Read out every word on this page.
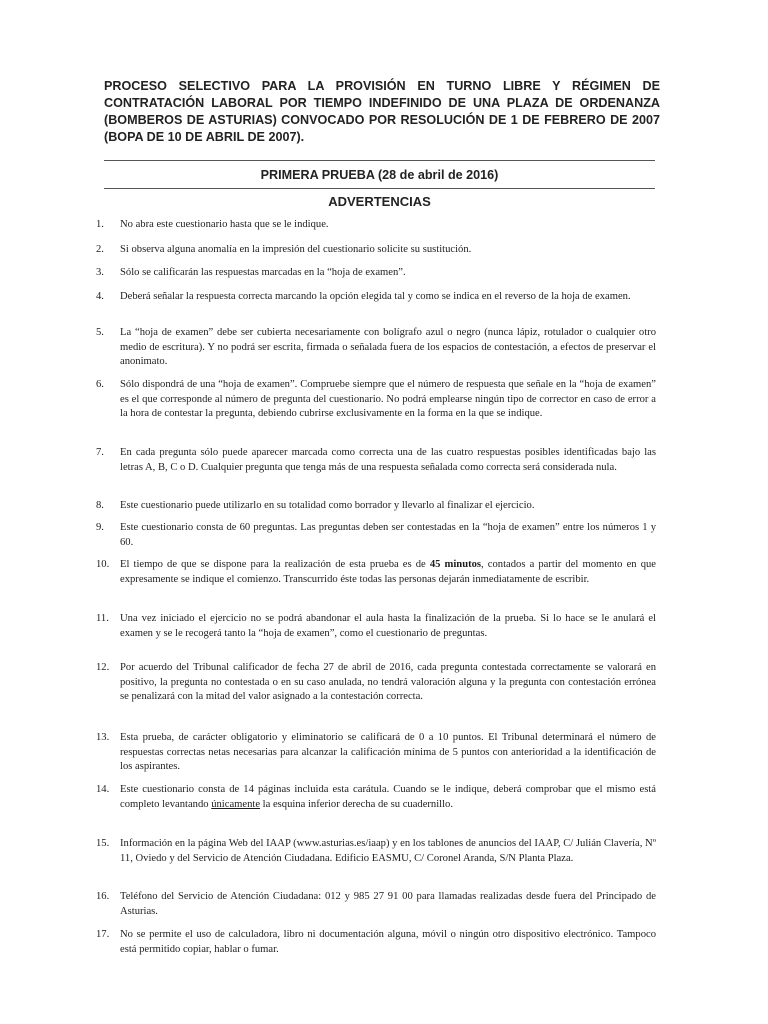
PROCESO SELECTIVO PARA LA PROVISIÓN EN TURNO LIBRE Y RÉGIMEN DE CONTRATACIÓN LABORAL POR TIEMPO INDEFINIDO DE UNA PLAZA DE ORDENANZA (BOMBEROS DE ASTURIAS) CONVOCADO POR RESOLUCIÓN DE 1 DE FEBRERO DE 2007 (BOPA DE 10 DE ABRIL DE 2007).
PRIMERA PRUEBA (28 de abril de 2016)
ADVERTENCIAS
1.	No abra este cuestionario hasta que se le indique.
2.	Si observa alguna anomalía en la impresión del cuestionario solicite su sustitución.
3.	Sólo se calificarán las respuestas marcadas en la “hoja de examen”.
4.	Deberá señalar la respuesta correcta marcando la opción elegida tal y como se indica en el reverso de la hoja de examen.
5.	La “hoja de examen” debe ser cubierta necesariamente con bolígrafo azul o negro (nunca lápiz, rotulador o cualquier otro medio de escritura). Y no podrá ser escrita, firmada o señalada fuera de los espacios de contestación, a efectos de preservar el anonimato.
6.	Sólo dispondrá de una “hoja de examen”. Compruebe siempre que el número de respuesta que señale en la “hoja de examen” es el que corresponde al número de pregunta del cuestionario. No podrá emplearse ningún tipo de corrector en caso de error a la hora de contestar la pregunta, debiendo cubrirse exclusivamente en la forma en la que se indique.
7.	En cada pregunta sólo puede aparecer marcada como correcta una de las cuatro respuestas posibles identificadas bajo las letras A, B, C o D. Cualquier pregunta que tenga más de una respuesta señalada como correcta será considerada nula.
8.	Este cuestionario puede utilizarlo en su totalidad como borrador y llevarlo al finalizar el ejercicio.
9.	Este cuestionario consta de 60 preguntas. Las preguntas deben ser contestadas en la “hoja de examen” entre los números 1 y 60.
10.	El tiempo de que se dispone para la realización de esta prueba es de 45 minutos, contados a partir del momento en que expresamente se indique el comienzo. Transcurrido éste todas las personas dejarán inmediatamente de escribir.
11.	Una vez iniciado el ejercicio no se podrá abandonar el aula hasta la finalización de la prueba. Si lo hace se le anulará el examen y se le recogerá tanto la “hoja de examen”, como el cuestionario de preguntas.
12.	Por acuerdo del Tribunal calificador de fecha 27 de abril de 2016, cada pregunta contestada correctamente se valorará en positivo, la pregunta no contestada o en su caso anulada, no tendrá valoración alguna y la pregunta con contestación errónea se penalizará con la mitad del valor asignado a la contestación correcta.
13.	Esta prueba, de carácter obligatorio y eliminatorio se calificará de 0 a 10 puntos. El Tribunal determinará el número de respuestas correctas netas necesarias para alcanzar la calificación mínima de 5 puntos con anterioridad a la identificación de los aspirantes.
14.	Este cuestionario consta de 14 páginas incluida esta carátula. Cuando se le indique, deberá comprobar que el mismo está completo levantando únicamente la esquina inferior derecha de su cuadernillo.
15.	Información en la página Web del IAAP (www.asturias.es/iaap) y en los tablones de anuncios del IAAP, C/ Julián Clavería, Nº 11, Oviedo y del Servicio de Atención Ciudadana. Edificio EASMU, C/ Coronel Aranda, S/N Planta Plaza.
16.	Teléfono del Servicio de Atención Ciudadana: 012 y 985 27 91 00 para llamadas realizadas desde fuera del Principado de Asturias.
17.	No se permite el uso de calculadora, libro ni documentación alguna, móvil o ningún otro dispositivo electrónico. Tampoco está permitido copiar, hablar o fumar.
